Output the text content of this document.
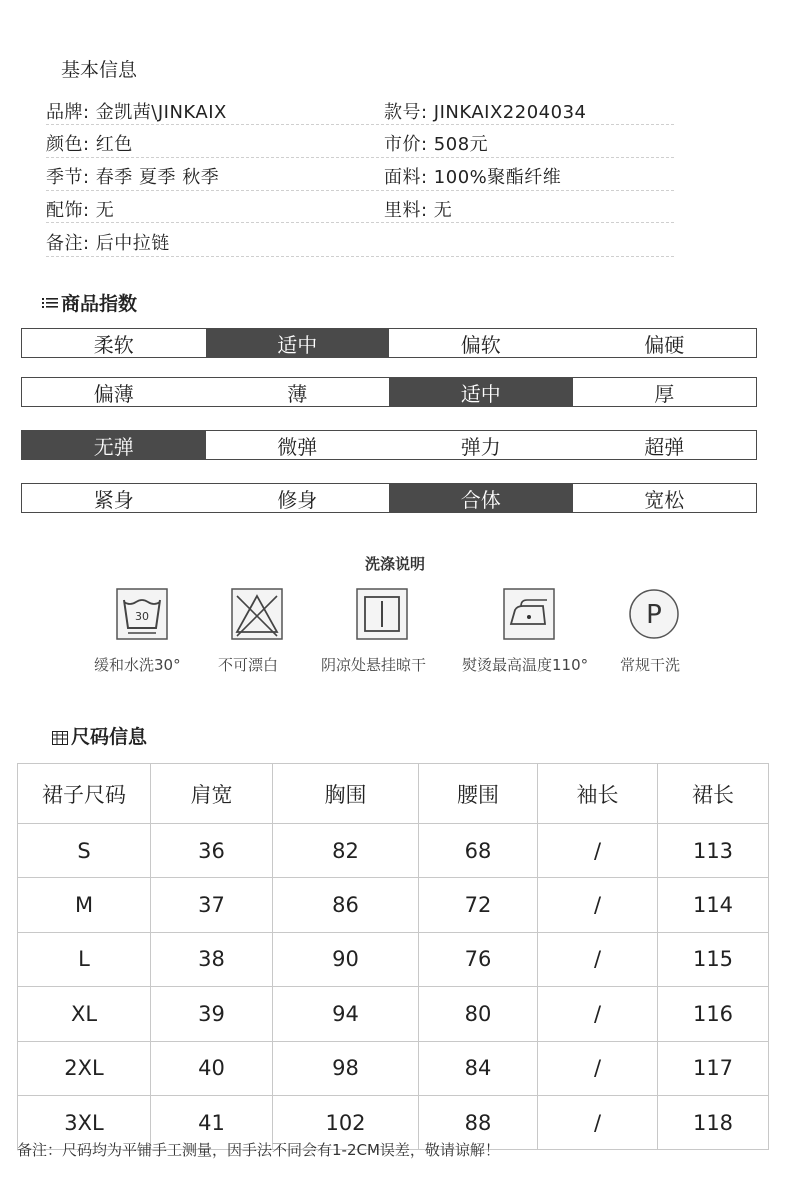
基本信息
品牌: 金凯茜\JINKAIX	款号: JINKAIX2204034
颜色: 红色	市价: 508元
季节: 春季 夏季 秋季	面料: 100%聚酯纤维
配饰: 无	里料: 无
备注: 后中拉链
商品指数
柔软	适中	偏软	偏硬
偏薄	薄	适中	厚
无弹	微弹	弹力	超弹
紧身	修身	合体	宽松
洗涤说明
30	P
缓和水洗30° 不可漂白	阴凉处悬挂晾干 熨烫最高温度110° 常规干洗
尺码信息
裙子尺码	肩宽	胸围	腰围	袖长	裙长
S	36	82	68	/	113
M	37	86	72	/	114
L	38	90	76	/	115
XL	39	94	80	/	116
2XL	40	98	84	/	117
3XL	41	102	88	/	118
备注：尺码均为平铺手工测量，因手法不同会有1-2CM误差，敬请谅解！
